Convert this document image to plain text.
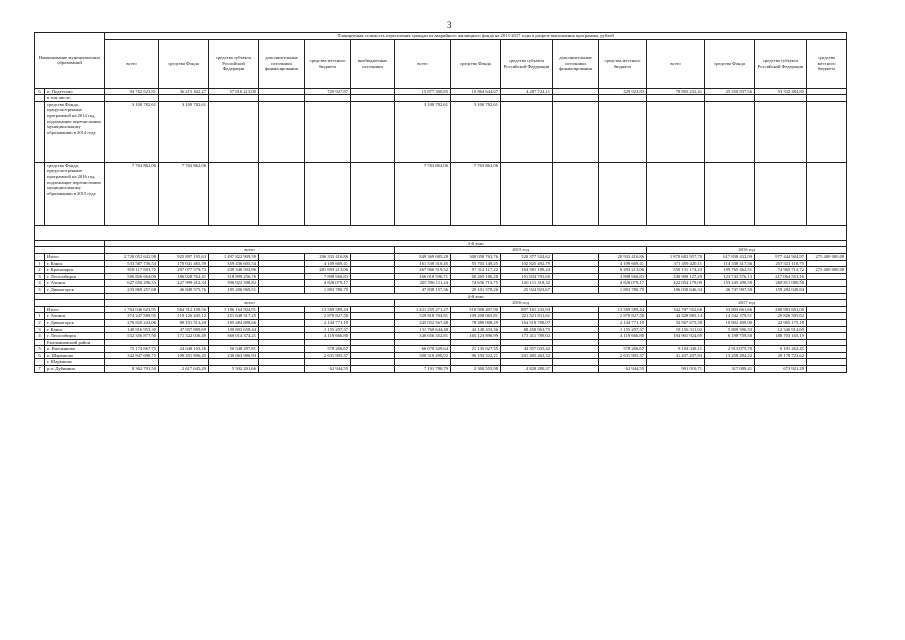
3
Наименование муниципальных образований		Планируемая стоимость переселения граждан из аварийного жилищного фонда на 2013-2017 годы в разрезе выполнения программы, рублей														
		всего	средства Фонда	средства субъекта Российской Федерации	дополнительные источники финансирования	средства местного бюджета	внебюджетные источники	всего	средства Фонда	средства субъекта Российской Федерации	дополнительные источники финансирования	средства местного бюджета	всего	средства Фонда	средства субъекта Российской Федерации	средства местного бюджета
6	п. Подтесово	94 762 623,81	36 215 402,27	57 816 213,00		729 927,87		15 877 390,85	10 864 644,67	4 287 724,11		329 923,83	78 883 232,41	25 350 837,56	53 332 484,85	
	в том числе:															
	средства Фонда, предусмотренные программой на 2014 год, подлежащие перечислению муниципальному образованию в 2014 году	3 100 782,61	3 100 782,61					3 100 782,61	3 100 782,61							
	средства Фонда, предусмотренные программой на 2016 год, подлежащие перечислению муниципальному образованию в 2015 году	7 763 862,06	7 763 862,06					7 763 862,06	7 763 862,06							

		3-й этап														
		всего						2015 год					2016 год			
	Итого	2 720 052 642,98	925 897 195,63	1 497 822 909,59		296 333 416,86		849 369 685,28	308 058 763,76	520 377 324,62		20 933 416,86	1 870 682 957,70	617 838 432,09	977 444 904,97	275 400 000,00
1	г. Канск	533 587 730,54	170 041 465,59	359 436 605,54		4 109 669,41		161 538 310,45	55 703 149,25	102 825 492,79		4 109 669,41	371 459 420,11	114 338 317,36	257 321 110,75	
2	г. Красноярск	818 117 693,75	297 077 579,73	239 346 502,96		281 693 213,06		267 966 519,52	97 312 117,22	164 381 189,24		6 293 213,06	550 131 174,23	199 765 462,51	74 965 713,72	275 400 000,00
3	г. Лесосибирск	506 826 664,00	186 028 762,41	318 899 256,76		7 898 666,83		166 018 596,71	60 265 186,28	101 834 703,60		3 898 666,83	340 908 127,29	123 743 576,13	217 064 551,16	
4	г. Ачинск	627 650 296,33	227 999 412,34	396 922 398,82		4 828 079,17		205 596 111,24	74 636 713,75	126 111 318,32		4 828 079,17	422 054 179,09	153 245 498,59	268 811 080,50	
5	г. Дивногорск	233 869 257,68	46 849 575,76	185 206 969,51		1 803 780,79		47 838 157,36	20 101 578,26	25 924 823,67		1 803 780,79	186 030 646,34	26 747 997,50	159 282 049,84	
		4-й этап														
		всего						2016 год					2017 год			
	Итого	1 764 046 623,95	564 312 109,56	1 186 164 924,91		13 569 589,44		1 421 259 271,27	510 508 407,90	897 181 233,93		13 569 589,44	342 787 352,68	53 803 661,66	288 983 691,00	
1	г. Ачинск	374 247 589,95	119 126 445,12	251 648 317,25		2 878 827,58		329 818 704,81	109 208 065,81	221 521 811,61		2 878 827,58	44 428 885,14	14 542 379,51	29 826 505,62	
2	г. Дивногорск	276 820 243,06	89 191 513,20	185 484 888,66		2 144 771,10		245 052 567,48	78 389 008,29	164 518 788,07		2 144 771,10	33 567 675,58	10 802 499,90	22 965 175,18	
3	г. Канск	149 916 953,30	47 957 889,69	100 803 658,44		1 155 297,37		131 760 644,48	42 148 433,36	88 458 963,75		1 155 297,37	18 156 311,02	5 809 396,33	12 346 914,69	
4	г. Лесосибирск	532 356 877,50	171 322 036,49	360 014 374,21		4 119 666,80		340 656 352,81	165 123 896,99	171 411 789,02		4 119 666,80	194 901 924,69	6 198 759,50	188 703 165,19	
	Емельяновский район															
5	п. Емельяново	75 174 667,75	24 048 103,26	50 548 297,81		578 266,67		66 070 329,64	21 135 027,55	44 357 035,42		578 266,67	9 104 338,11	2 913 075,70	6 191 262,41	
6	п. Шарыпово	342 847 698,75	109 451 806,45	230 063 986,93		2 631 905,37		300 310 490,92	96 193 322,21	201 485 263,32		2 631 905,37	41 437 207,83	13 258 484,22	29 178 723,62	
	г. Шарыпово															
7	р.п. Дубинино	8 362 791,50	2 617 645,29	5 502 201,66		62 944,55		7 191 780,79	2 300 555,98	4 828 280,37		62 944,55	991 010,71	317 089,41	673 921,29	
